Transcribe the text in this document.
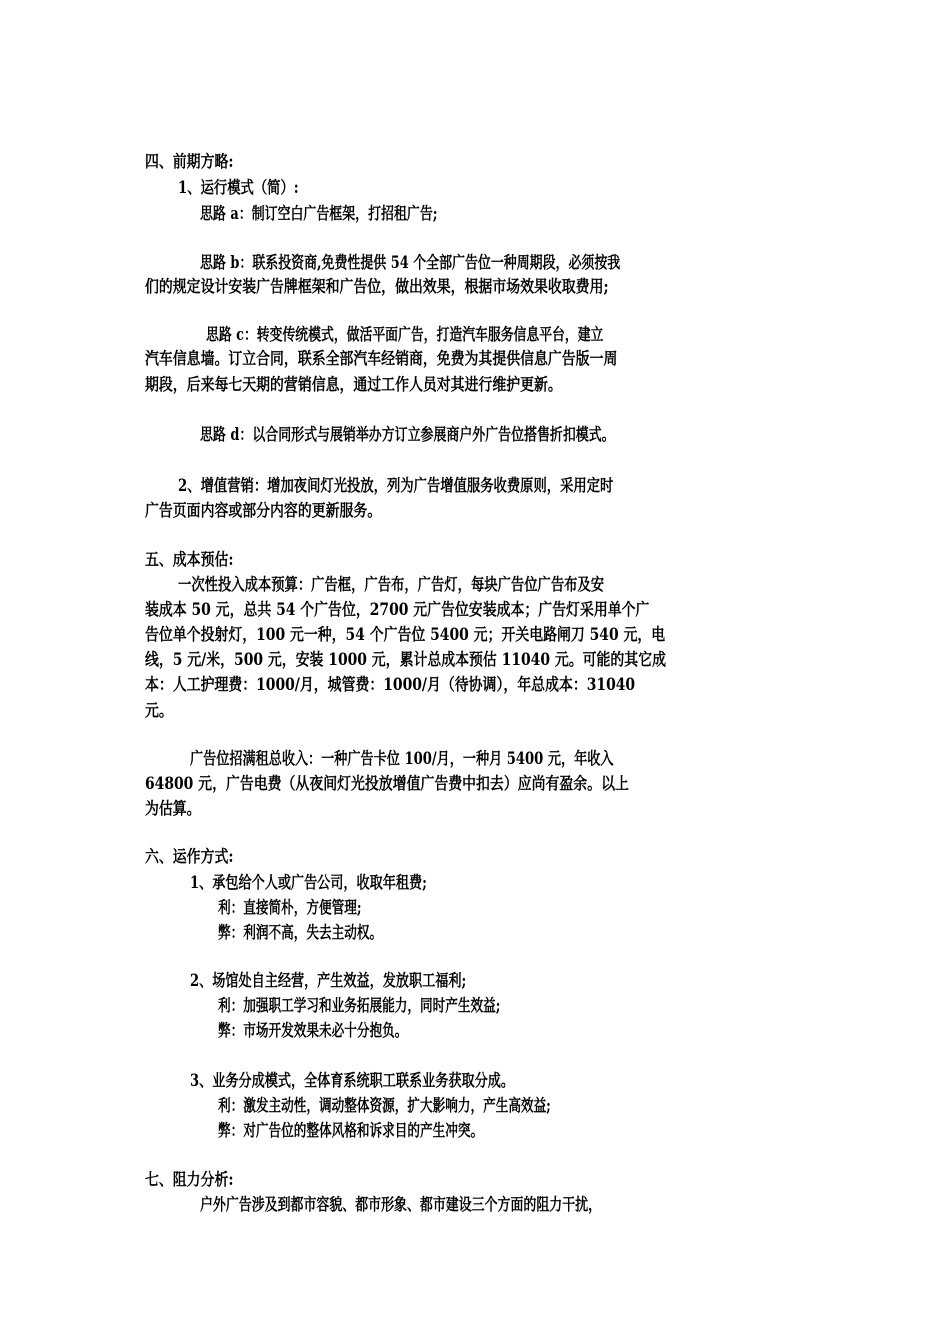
四、前期方略:
1、运行模式（简）:
思路 a：制订空白广告框架，打招租广告;
思路 b：联系投资商,免费性提供 54 个全部广告位一种周期段，必须按我
们的规定设计安装广告牌框架和广告位，做出效果，根据市场效果收取费用;
思路 c：转变传统模式，做活平面广告，打造汽车服务信息平台，建立
汽车信息墙。订立合同，联系全部汽车经销商，免费为其提供信息广告版一周
期段，后来每七天期的营销信息，通过工作人员对其进行维护更新。
思路 d：以合同形式与展销举办方订立参展商户外广告位搭售折扣模式。
2、增值营销：增加夜间灯光投放，列为广告增值服务收费原则，采用定时
广告页面内容或部分内容的更新服务。
五、成本预估:
一次性投入成本预算：广告框，广告布，广告灯，每块广告位广告布及安
装成本 50 元，总共 54 个广告位，2700 元广告位安装成本；广告灯采用单个广
告位单个投射灯，100 元一种，54 个广告位 5400 元；开关电路闸刀 540 元，电
线，5 元/米，500 元，安装 1000 元，累计总成本预估 11040 元。可能的其它成
本：人工护理费：1000/月，城管费：1000/月（待协调），年总成本：31040
元。
广告位招满租总收入：一种广告卡位 100/月，一种月 5400 元，年收入
64800 元，广告电费（从夜间灯光投放增值广告费中扣去）应尚有盈余。以上
为估算。
六、运作方式:
1、承包给个人或广告公司，收取年租费;
利：直接简朴，方便管理;
弊：利润不高，失去主动权。
2、场馆处自主经营，产生效益，发放职工福利;
利：加强职工学习和业务拓展能力，同时产生效益;
弊：市场开发效果未必十分抱负。
3、业务分成模式，全体育系统职工联系业务获取分成。
利：激发主动性，调动整体资源，扩大影响力，产生高效益;
弊：对广告位的整体风格和诉求目的产生冲突。
七、阻力分析:
户外广告涉及到都市容貌、都市形象、都市建设三个方面的阻力干扰，
